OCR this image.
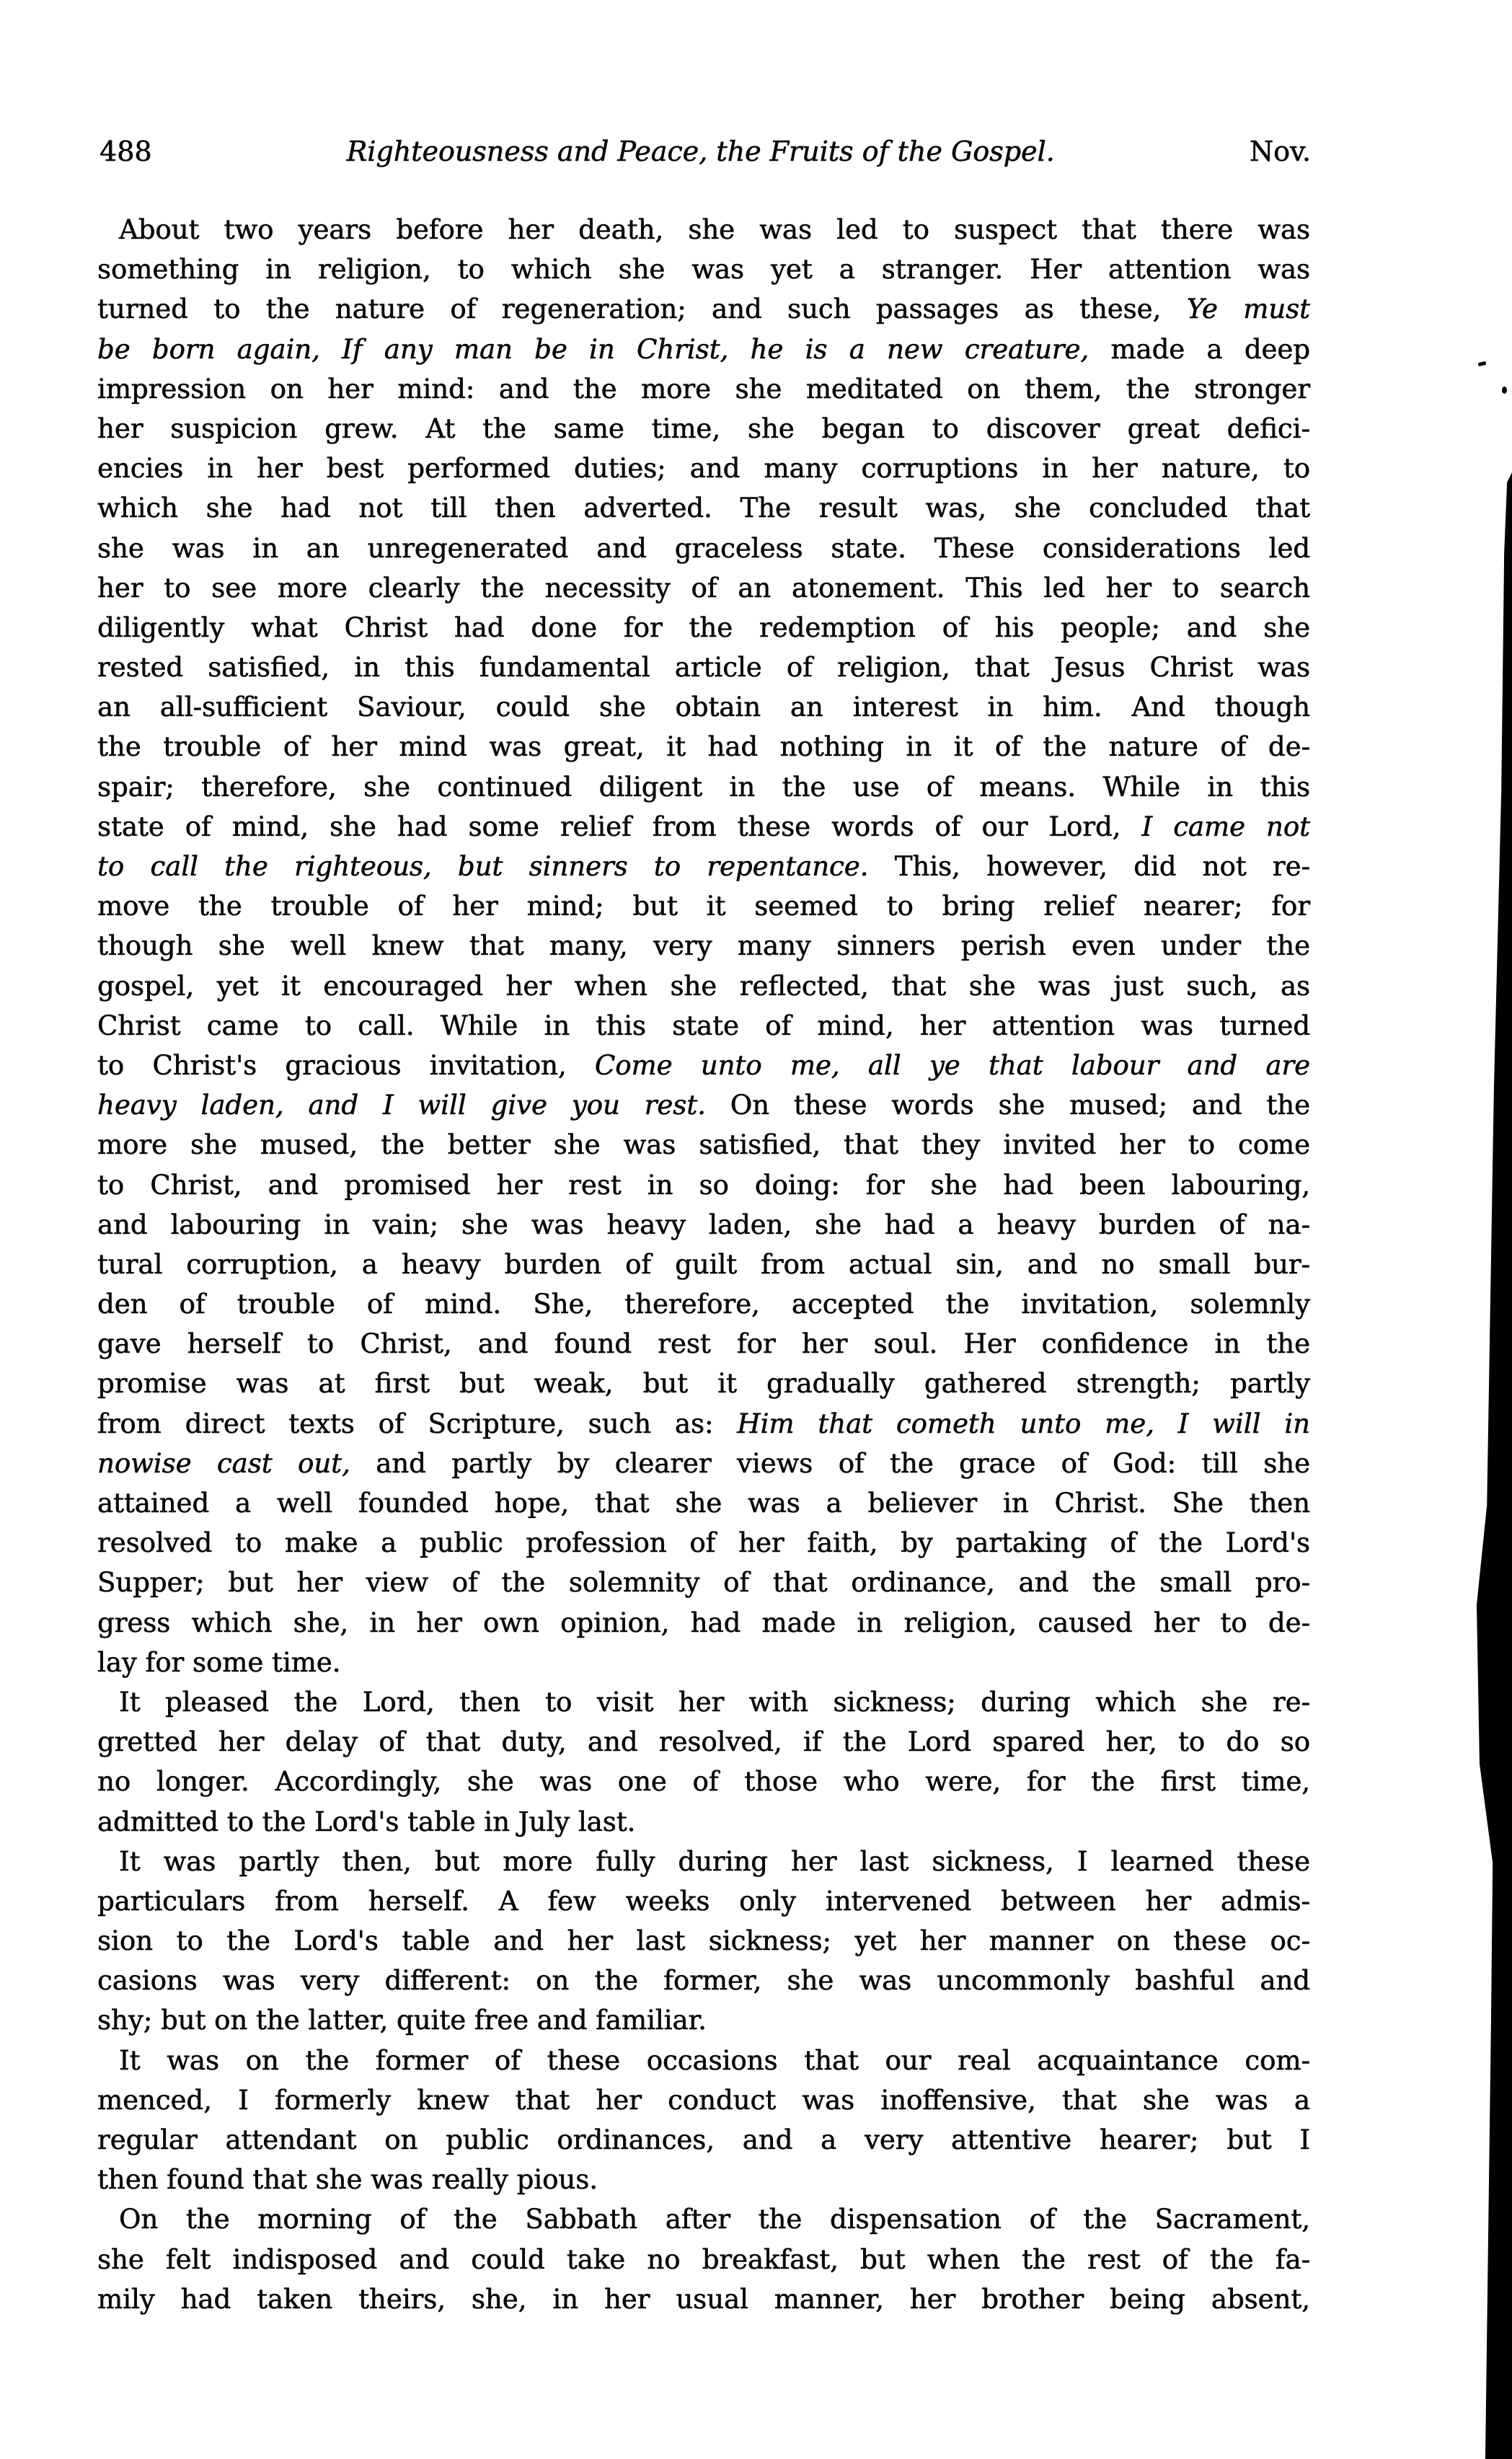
488	Righteousness and Peace, the Fruits of the Gospel.	Nov.
About two years before her death, she was led to suspect that there was
something in religion, to which she was yet a stranger. Her attention was
turned to the nature of regeneration; and such passages as these, Ye must
be born again, If any man be in Christ, he is a new creature, made a deep
impression on her mind: and the more she meditated on them, the stronger
her suspicion grew. At the same time, she began to discover great defici-
encies in her best performed duties; and many corruptions in her nature, to
which she had not till then adverted. The result was, she concluded that
she was in an unregenerated and graceless state. These considerations led
her to see more clearly the necessity of an atonement. This led her to search
diligently what Christ had done for the redemption of his people; and she
rested satisfied, in this fundamental article of religion, that Jesus Christ was
an all-sufficient Saviour, could she obtain an interest in him. And though
the trouble of her mind was great, it had nothing in it of the nature of de-
spair; therefore, she continued diligent in the use of means. While in this
state of mind, she had some relief from these words of our Lord, I came not
to call the righteous, but sinners to repentance. This, however, did not re-
move the trouble of her mind; but it seemed to bring relief nearer; for
though she well knew that many, very many sinners perish even under the
gospel, yet it encouraged her when she reflected, that she was just such, as
Christ came to call. While in this state of mind, her attention was turned
to Christ's gracious invitation, Come unto me, all ye that labour and are
heavy laden, and I will give you rest. On these words she mused; and the
more she mused, the better she was satisfied, that they invited her to come
to Christ, and promised her rest in so doing: for she had been labouring,
and labouring in vain; she was heavy laden, she had a heavy burden of na-
tural corruption, a heavy burden of guilt from actual sin, and no small bur-
den of trouble of mind. She, therefore, accepted the invitation, solemnly
gave herself to Christ, and found rest for her soul. Her confidence in the
promise was at first but weak, but it gradually gathered strength; partly
from direct texts of Scripture, such as: Him that cometh unto me, I will in
nowise cast out, and partly by clearer views of the grace of God: till she
attained a well founded hope, that she was a believer in Christ. She then
resolved to make a public profession of her faith, by partaking of the Lord's
Supper; but her view of the solemnity of that ordinance, and the small pro-
gress which she, in her own opinion, had made in religion, caused her to de-
lay for some time.
It pleased the Lord, then to visit her with sickness; during which she re-
gretted her delay of that duty, and resolved, if the Lord spared her, to do so
no longer. Accordingly, she was one of those who were, for the first time,
admitted to the Lord's table in July last.
It was partly then, but more fully during her last sickness, I learned these
particulars from herself. A few weeks only intervened between her admis-
sion to the Lord's table and her last sickness; yet her manner on these oc-
casions was very different: on the former, she was uncommonly bashful and
shy; but on the latter, quite free and familiar.
It was on the former of these occasions that our real acquaintance com-
menced, I formerly knew that her conduct was inoffensive, that she was a
regular attendant on public ordinances, and a very attentive hearer; but I
then found that she was really pious.
On the morning of the Sabbath after the dispensation of the Sacrament,
she felt indisposed and could take no breakfast, but when the rest of the fa-
mily had taken theirs, she, in her usual manner, her brother being absent,
